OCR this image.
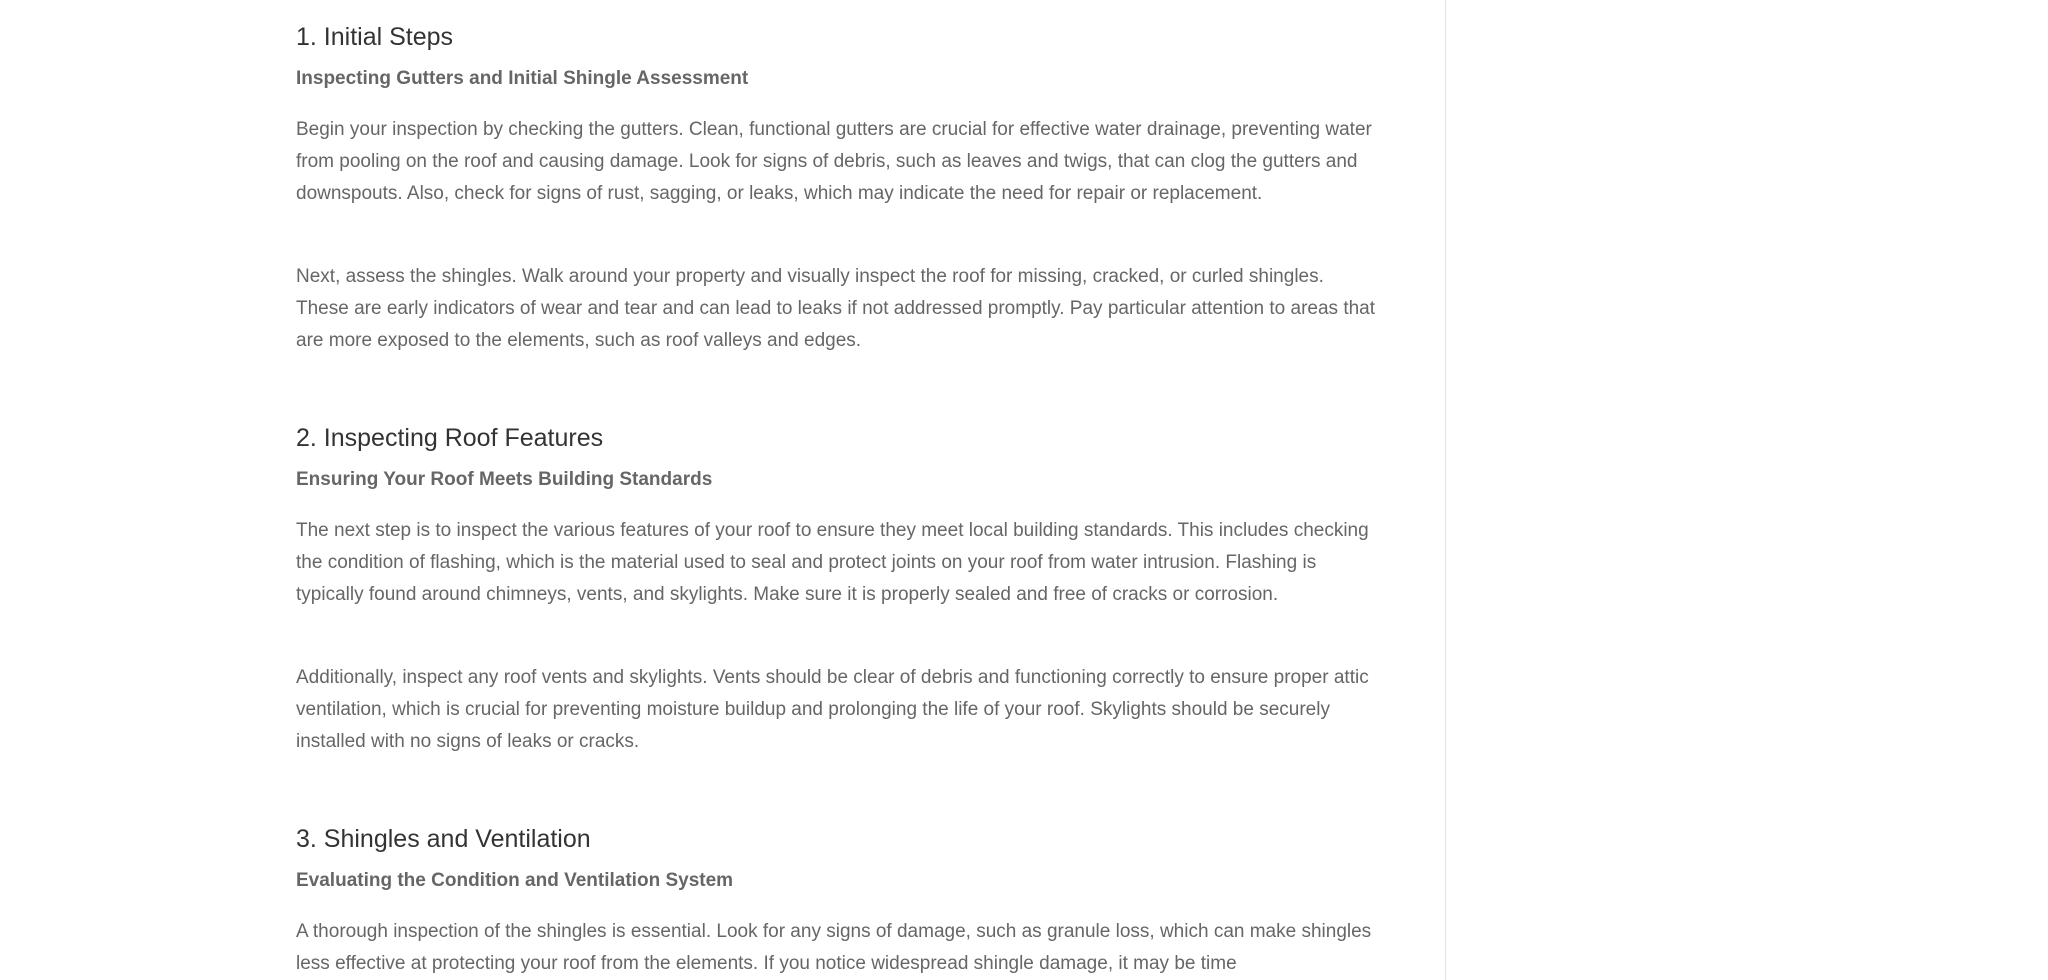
1. Initial Steps
Inspecting Gutters and Initial Shingle Assessment

Begin your inspection by checking the gutters. Clean, functional gutters are crucial for effective water drainage, preventing water from pooling on the roof and causing damage. Look for signs of debris, such as leaves and twigs, that can clog the gutters and downspouts. Also, check for signs of rust, sagging, or leaks, which may indicate the need for repair or replacement.

Next, assess the shingles. Walk around your property and visually inspect the roof for missing, cracked, or curled shingles. These are early indicators of wear and tear and can lead to leaks if not addressed promptly. Pay particular attention to areas that are more exposed to the elements, such as roof valleys and edges.

2. Inspecting Roof Features
Ensuring Your Roof Meets Building Standards

The next step is to inspect the various features of your roof to ensure they meet local building standards. This includes checking the condition of flashing, which is the material used to seal and protect joints on your roof from water intrusion. Flashing is typically found around chimneys, vents, and skylights. Make sure it is properly sealed and free of cracks or corrosion.

Additionally, inspect any roof vents and skylights. Vents should be clear of debris and functioning correctly to ensure proper attic ventilation, which is crucial for preventing moisture buildup and prolonging the life of your roof. Skylights should be securely installed with no signs of leaks or cracks.

3. Shingles and Ventilation
Evaluating the Condition and Ventilation System

A thorough inspection of the shingles is essential. Look for any signs of damage, such as granule loss, which can make shingles less effective at protecting your roof from the elements. If you notice widespread shingle damage, it may be time
